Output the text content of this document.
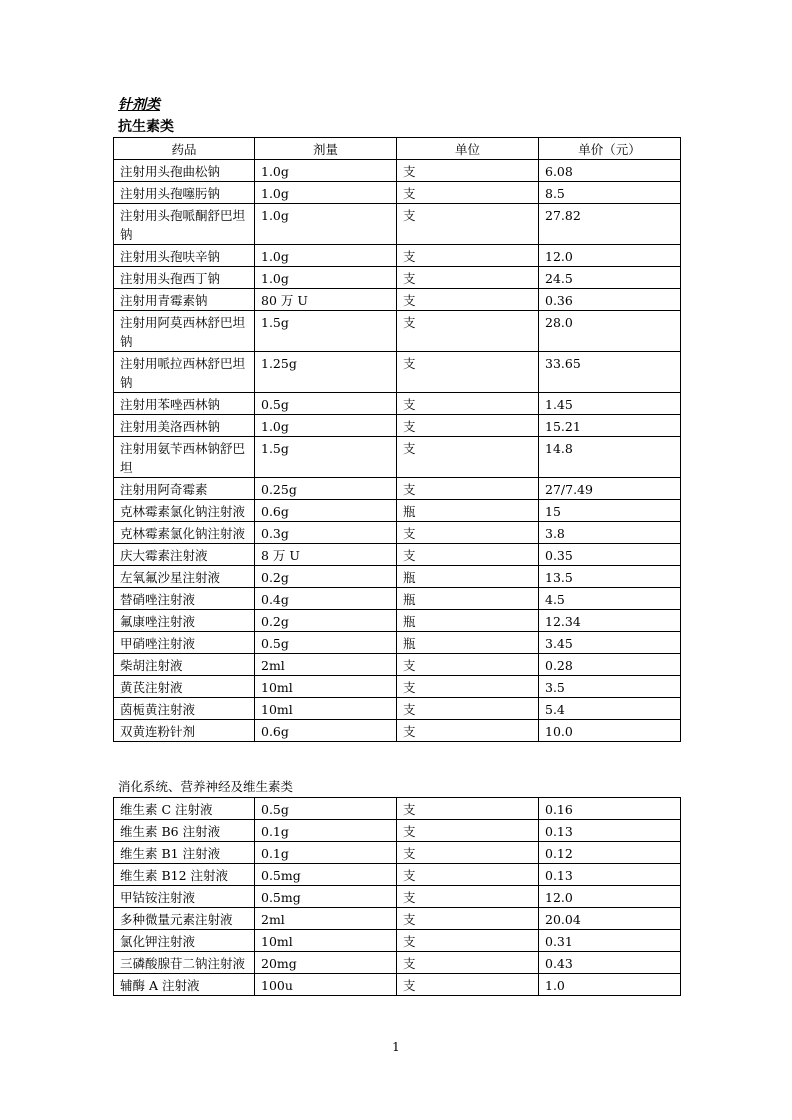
针剂类
抗生素类
药品	剂量	单位	单价（元）
注射用头孢曲松钠	1.0g	支	6.08
注射用头孢噻肟钠	1.0g	支	8.5
注射用头孢哌酮舒巴坦钠	1.0g	支	27.82
注射用头孢呋辛钠	1.0g	支	12.0
注射用头孢西丁钠	1.0g	支	24.5
注射用青霉素钠	80 万 U	支	0.36
注射用阿莫西林舒巴坦钠	1.5g	支	28.0
注射用哌拉西林舒巴坦钠	1.25g	支	33.65
注射用苯唑西林钠	0.5g	支	1.45
注射用美洛西林钠	1.0g	支	15.21
注射用氨苄西林钠舒巴坦	1.5g	支	14.8
注射用阿奇霉素	0.25g	支	27/7.49
克林霉素氯化钠注射液	0.6g	瓶	15
克林霉素氯化钠注射液	0.3g	支	3.8
庆大霉素注射液	8 万 U	支	0.35
左氧氟沙星注射液	0.2g	瓶	13.5
替硝唑注射液	0.4g	瓶	4.5
氟康唑注射液	0.2g	瓶	12.34
甲硝唑注射液	0.5g	瓶	3.45
柴胡注射液	2ml	支	0.28
黄芪注射液	10ml	支	3.5
茵栀黄注射液	10ml	支	5.4
双黄连粉针剂	0.6g	支	10.0
消化系统、营养神经及维生素类
维生素 C 注射液	0.5g	支	0.16
维生素 B6 注射液	0.1g	支	0.13
维生素 B1 注射液	0.1g	支	0.12
维生素 B12 注射液	0.5mg	支	0.13
甲钴铵注射液	0.5mg	支	12.0
多种微量元素注射液	2ml	支	20.04
氯化钾注射液	10ml	支	0.31
三磷酸腺苷二钠注射液	20mg	支	0.43
辅酶 A 注射液	100u	支	1.0
1
